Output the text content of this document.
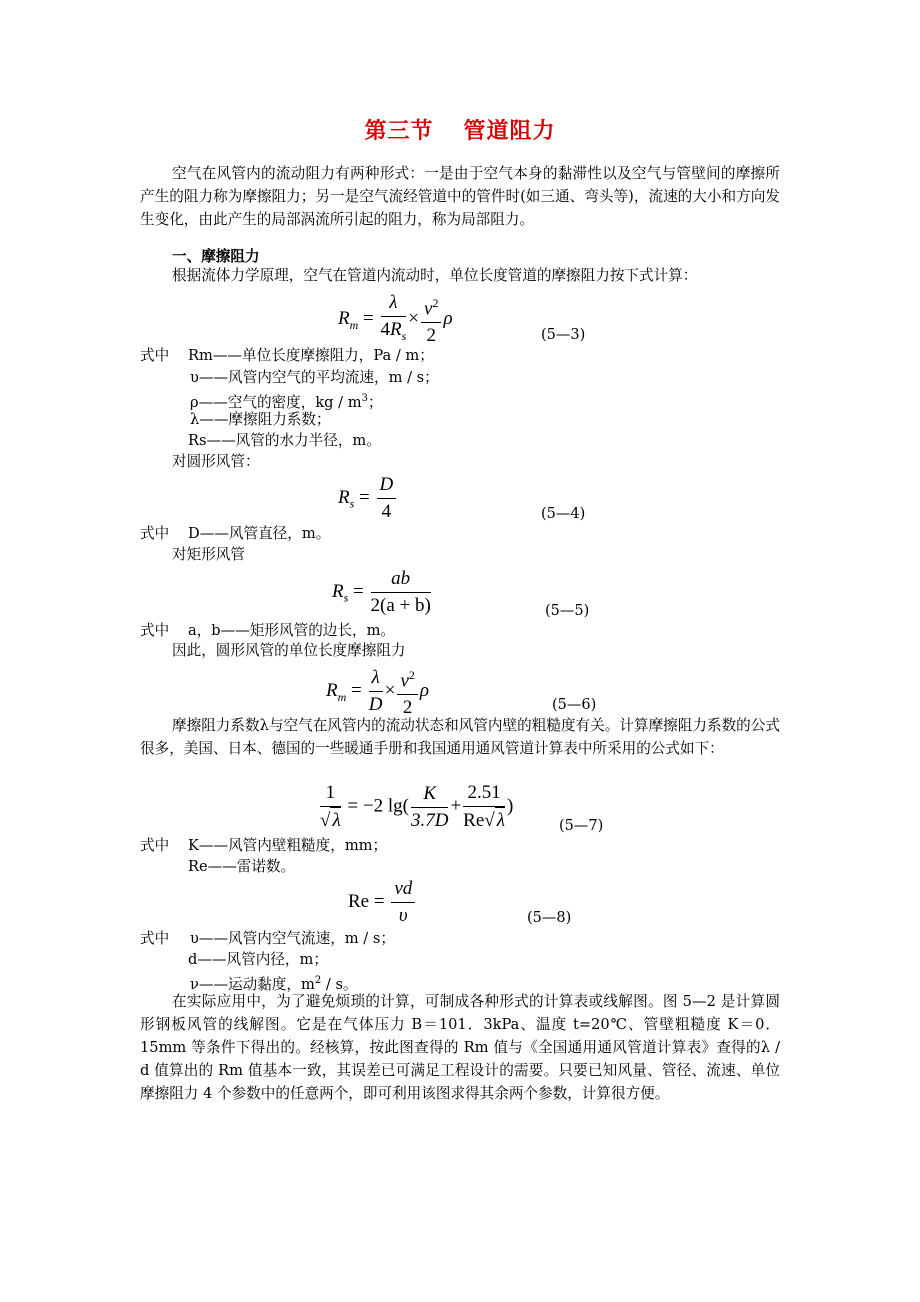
第三节 管道阻力
空气在风管内的流动阻力有两种形式：一是由于空气本身的黏滞性以及空气与管壁间的摩擦所产生的阻力称为摩擦阻力；另一是空气流经管道中的管件时(如三通、弯头等)，流速的大小和方向发生变化，由此产生的局部涡流所引起的阻力，称为局部阻力。
一、摩擦阻力
根据流体力学原理，空气在管道内流动时，单位长度管道的摩擦阻力按下式计算：
$R_m = \frac{\lambda}{4R_s} \times \frac{v^2}{2}$ ρ
(5—3)
式中 Rm——单位长度摩擦阻力，Pa / m；
υ——风管内空气的平均流速，m / s；
ρ——空气的密度，kg / $m^3$；
λ——摩擦阻力系数；
Rs——风管的水力半径，m。
对圆形风管：
$R_s = \frac{D}{4}$	(5—4)
式中 D——风管直径，m。
对矩形风管
$R_s = \frac{ab}{2(a + b)}$	(5—5)
式中 a，b——矩形风管的边长，m。
因此，圆形风管的单位长度摩擦阻力
$R_m = \frac{\lambda}{D} \times \frac{v^2}{2}$ ρ
(5—6)
摩擦阻力系数λ与空气在风管内的流动状态和风管内壁的粗糙度有关。计算摩擦阻力系数的公式很多，美国、日本、德国的一些暖通手册和我国通用通风管道计算表中所采用的公式如下：
$\frac{1}{√ \lambda} = -2$ $\lg( \frac{K}{3.7D} + \frac{2.51}{Re√ \lambda}$ )
(5—7)
式中 K——风管内壁粗糙度，mm；
Re——雷诺数。
$Re = \frac{vd}{\upsilon}$	(5—8)
式中 υ——风管内空气流速，m / s；
d——风管内径，m；
ν——运动黏度，$m^2$ / s。
在实际应用中，为了避免烦琐的计算，可制成各种形式的计算表或线解图。图 5—2 是计算圆形钢板风管的线解图。它是在气体压力 B＝101．3kPa、温度 t=20℃、管壁粗糙度 K＝0．15mm 等条件下得出的。经核算，按此图查得的 Rm 值与《全国通用通风管道计算表》查得的λ / d 值算出的 Rm 值基本一致，其误差已可满足工程设计的需要。只要已知风量、管径、流速、单位摩擦阻力 4 个参数中的任意两个，即可利用该图求得其余两个参数，计算很方便。
